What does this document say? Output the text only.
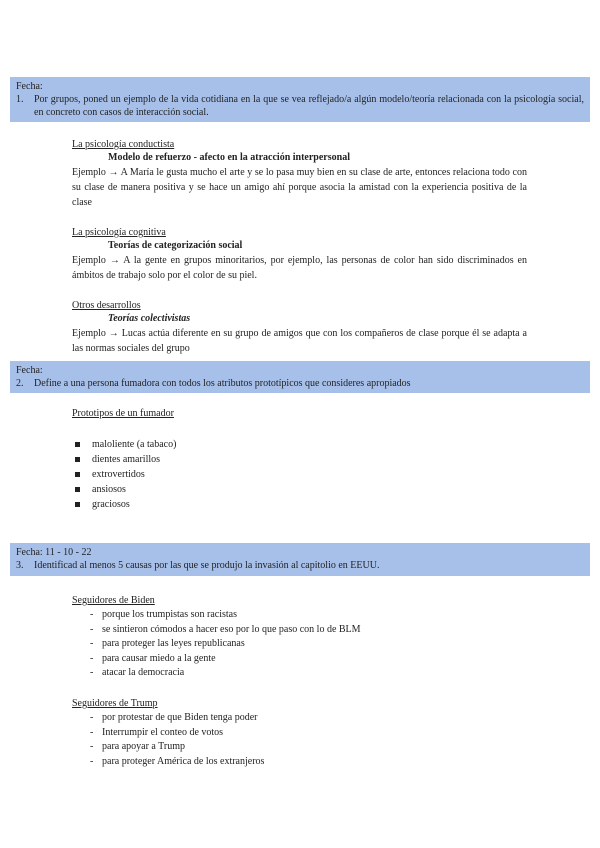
Fecha:
1.	Por grupos, poned un ejemplo de la vida cotidiana en la que se vea reflejado/a algún modelo/teoría relacionada con la psicología social, en concreto con casos de interacción social.
La psicología conductista
Modelo de refuerzo - afecto en la atracción interpersonal
Ejemplo → A María le gusta mucho el arte y se lo pasa muy bien en su clase de arte, entonces relaciona todo con su clase de manera positiva y se hace un amigo ahí porque asocia la amistad con la experiencia positiva de la clase
La psicología cognitiva
Teorías de categorización social
Ejemplo → A la gente en grupos minoritarios, por ejemplo, las personas de color han sido discriminados en ámbitos de trabajo solo por el color de su piel.
Otros desarrollos
Teorías colectivistas
Ejemplo → Lucas actúa diferente en su grupo de amigos que con los compañeros de clase porque él se adapta a las normas sociales del grupo
Fecha:
2.	Define a una persona fumadora con todos los atributos prototípicos que consideres apropiados
Prototipos de un fumador
maloliente (a tabaco)
dientes amarillos
extrovertidos
ansiosos
graciosos
Fecha: 11 - 10 - 22
3.	Identificad al menos 5 causas por las que se produjo la invasión al capitolio en EEUU.
Seguidores de Biden
- porque los trumpistas son racistas
- se sintieron cómodos a hacer eso por lo que paso con lo de BLM
- para proteger las leyes republicanas
- para causar miedo a la gente
- atacar la democracia
Seguidores de Trump
- por protestar de que Biden tenga poder
- Interrumpir el conteo de votos
- para apoyar a Trump
- para proteger América de los extranjeros
